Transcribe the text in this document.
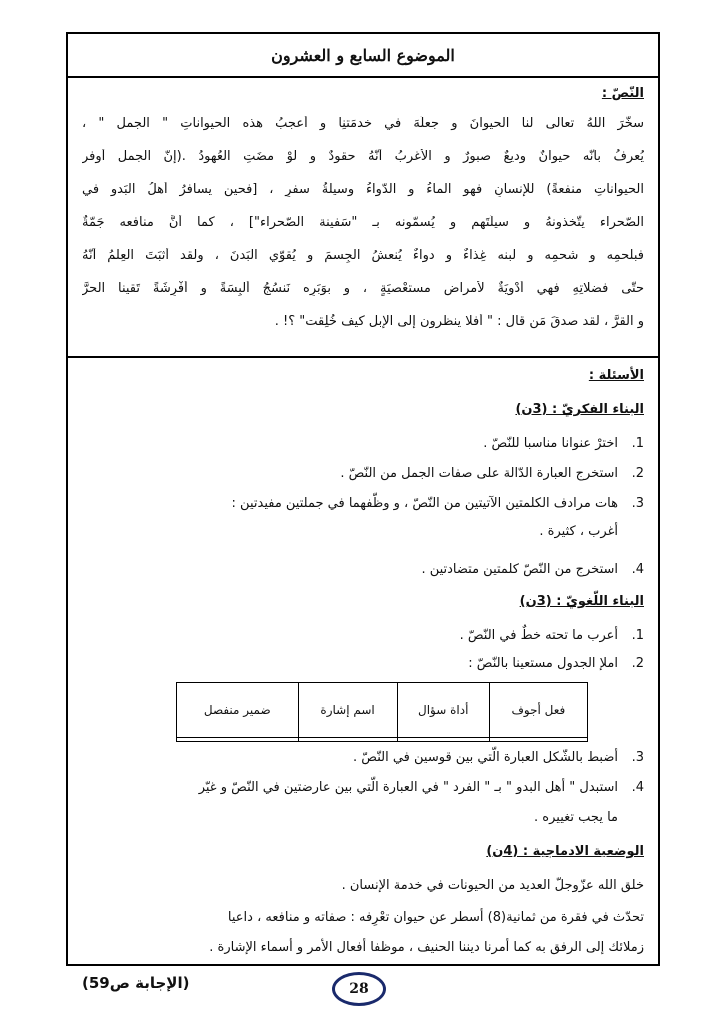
الموضوع السابع و العشرون
النّصّ :
سخّرَ اللهُ تعالى لنا الحيوانَ و جعلَهَ في خدمَتنِا و أعجبُ هذه الحيواناتِ " الجمل " ،
يُعرفُ بأنّه حيوانٌ وديعٌ صبورٌ و الأغربُ أنّهُ حقودٌ و لوْ مضَتِ العُهودُ .(إنّ الجمل أوفر
الحيواناتِ منفعةً) للإنسانِ فهو الماءُ و الدّواءُ وسيلةُ سفرٍ ، [فحين يسافرُ أهلُ البَدو في
الصّحراء يتّخذونهُ و سيلَتَهم و يُسمّونه بـ "سَفينة الصّحراء"] ، كما أنَّ منافعه جَمّةٌ
فبلحمِه و شحمِه و لبنه غِذاءٌ و دواءٌ يُنعشُ الجِسمَ و يُقوّي البَدنَ ، ولقد أثبَتَ العِلْمُ أنّهُ
حتّى فضلاتِهِ فهي أدْويَةٌ لأمراضٍ مستعْصيَةٍ ، و بوَبَرِه نَنسُجُ ألْبِسَةً و أفْرِشَةً تَقينا الحرَّ
و القرَّ ، لقد صدقَ مَن قال : " أفلا ينظرون إلى الإبل كيف خُلِقت" ؟! .
الأسئلة :
البناء الفكريّ : (3ن)
1.اخترْ عنوانا مناسبا للنّصّ .
2.استخرج العبارة الدّالة على صفات الجمل من النّصّ .
3.هات مرادف الكلمتين الآتيتين من النّصّ ، و وظّفهما في جملتين مفيدتين :
أغرب ، كثيرة .
4.استخرج من النّصّ كلمتين متضادتين .
البناء اللّغويّ : (3ن)
1.أعرب ما تحته خطٌ في النّصّ .
2.املإ الجدول مستعينا بالنّصّ :
فعل أجوف	أداة سؤال	اسم إشارة	ضمير منفصل

3.أضبط بالشّكل العبارة الّتي بين قوسين في النّصّ .
4.استبدل " أهل البدو " بـ " الفرد " في العبارة الّتي بين عارضتين في النّصّ و غيّر
ما يجب تغييره .
الوضعية الادماجية : (4ن)
خلق الله عزّوجلّ العديد من الحيونات في خدمة الإنسان .
تحدّث في فقرة من ثمانية(8) أسطر عن حيوان تعْرِفه : صفاته و منافعه ، داعيا
زملائك إلى الرفق به كما أمرنا ديننا الحنيف ، موظفا أفعال الأمر و أسماء الإشارة .
(الإجابة ص59)	28
